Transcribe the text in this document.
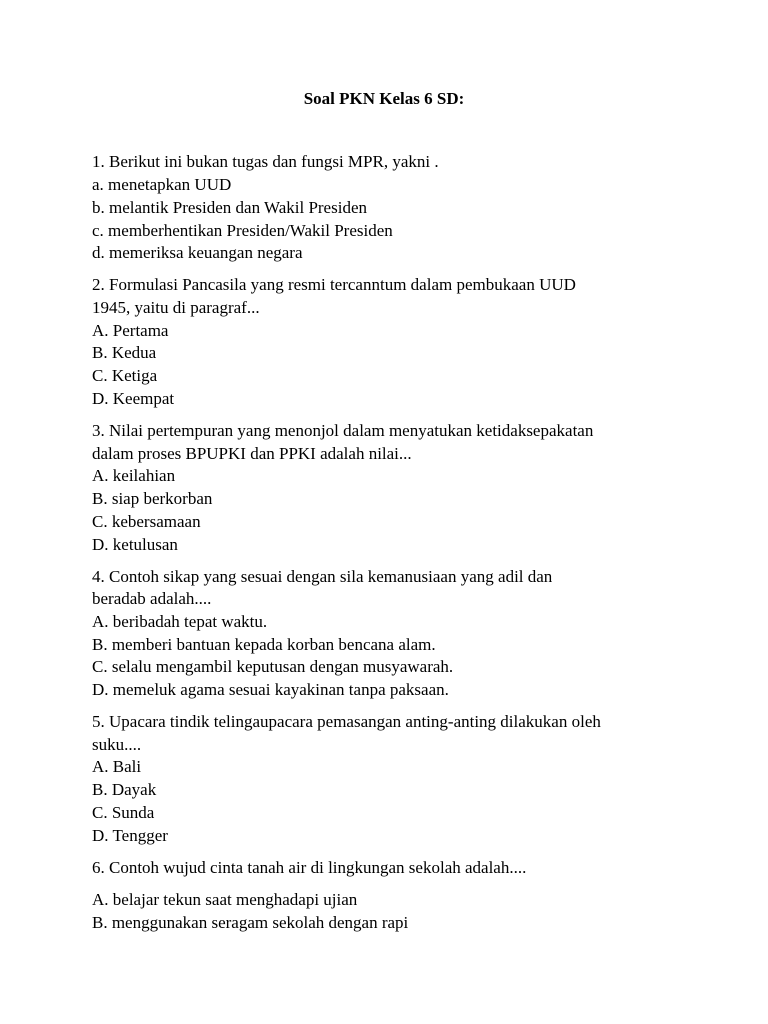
Soal PKN Kelas 6 SD:
1. Berikut ini bukan tugas dan fungsi MPR, yakni .
a. menetapkan UUD
b. melantik Presiden dan Wakil Presiden
c. memberhentikan Presiden/Wakil Presiden
d. memeriksa keuangan negara
2. Formulasi Pancasila yang resmi tercanntum dalam pembukaan UUD
1945, yaitu di paragraf...
A. Pertama
B. Kedua
C. Ketiga
D. Keempat
3. Nilai pertempuran yang menonjol dalam menyatukan ketidaksepakatan
dalam proses BPUPKI dan PPKI adalah nilai...
A. keilahian
B. siap berkorban
C. kebersamaan
D. ketulusan
4. Contoh sikap yang sesuai dengan sila kemanusiaan yang adil dan
beradab adalah....
A. beribadah tepat waktu.
B. memberi bantuan kepada korban bencana alam.
C. selalu mengambil keputusan dengan musyawarah.
D. memeluk agama sesuai kayakinan tanpa paksaan.
5. Upacara tindik telingaupacara pemasangan anting-anting dilakukan oleh
suku....
A. Bali
B. Dayak
C. Sunda
D. Tengger
6. Contoh wujud cinta tanah air di lingkungan sekolah adalah....
A. belajar tekun saat menghadapi ujian
B. menggunakan seragam sekolah dengan rapi
